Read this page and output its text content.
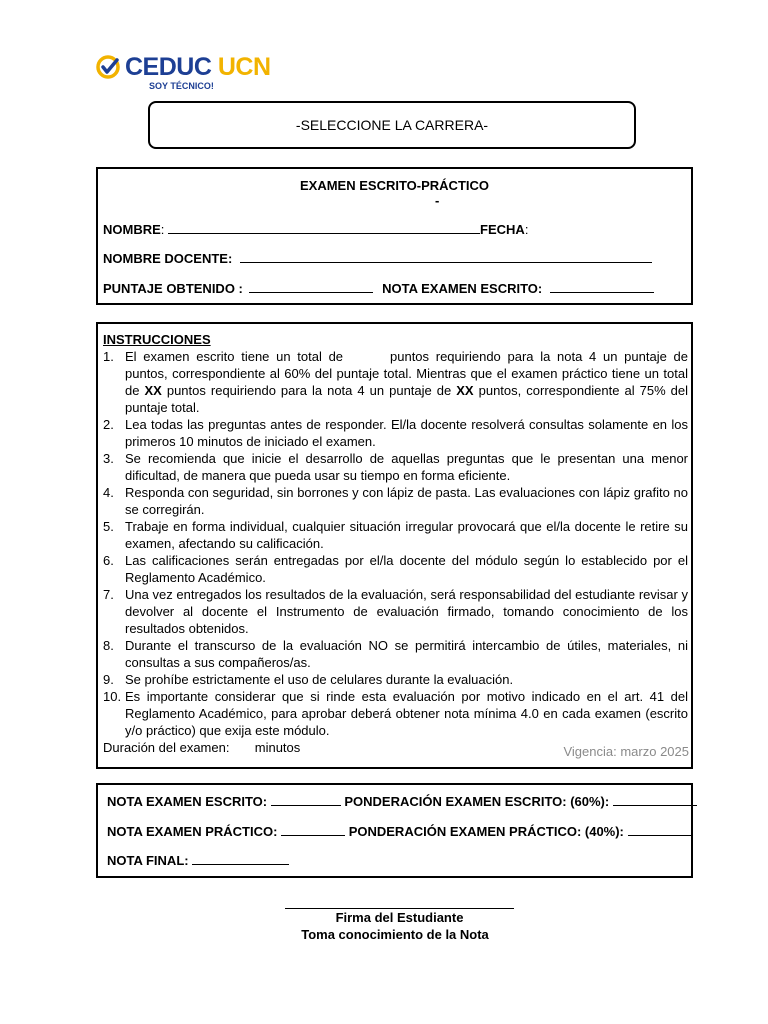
CEDUC UCN
SOY TÉCNICO!
-SELECCIONE LA CARRERA-
EXAMEN ESCRITO-PRÁCTICO
-
NOMBRE:	FECHA:
NOMBRE DOCENTE:
PUNTAJE OBTENIDO :	NOTA EXAMEN ESCRITO:
INSTRUCCIONES
1. El examen escrito tiene un total de       puntos requiriendo para la nota 4 un puntaje de       puntos, correspondiente al 60% del puntaje total. Mientras que el examen práctico tiene un total de XX puntos requiriendo para la nota 4 un puntaje de XX puntos, correspondiente al 75% del puntaje total.
2. Lea todas las preguntas antes de responder. El/la docente resolverá consultas solamente en los primeros 10 minutos de iniciado el examen.
3. Se recomienda que inicie el desarrollo de aquellas preguntas que le presentan una menor dificultad, de manera que pueda usar su tiempo en forma eficiente.
4. Responda con seguridad, sin borrones y con lápiz de pasta. Las evaluaciones con lápiz grafito no se corregirán.
5. Trabaje en forma individual, cualquier situación irregular provocará que el/la docente le retire su examen, afectando su calificación.
6. Las calificaciones serán entregadas por el/la docente del módulo según lo establecido por el Reglamento Académico.
7. Una vez entregados los resultados de la evaluación, será responsabilidad del estudiante revisar y devolver al docente el Instrumento de evaluación firmado, tomando conocimiento de los resultados obtenidos.
8. Durante el transcurso de la evaluación NO se permitirá intercambio de útiles, materiales, ni consultas a sus compañeros/as.
9. Se prohíbe estrictamente el uso de celulares durante la evaluación.
10. Es importante considerar que si rinde esta evaluación por motivo indicado en el art. 41 del Reglamento Académico, para aprobar deberá obtener nota mínima 4.0 en cada examen (escrito y/o práctico) que exija este módulo.
Duración del examen:       minutos	Vigencia: marzo 2025
NOTA EXAMEN ESCRITO:	PONDERACIÓN EXAMEN ESCRITO: (60%):
NOTA EXAMEN PRÁCTICO:	PONDERACIÓN EXAMEN PRÁCTICO: (40%):
NOTA FINAL:
Firma del Estudiante
Toma conocimiento de la Nota
